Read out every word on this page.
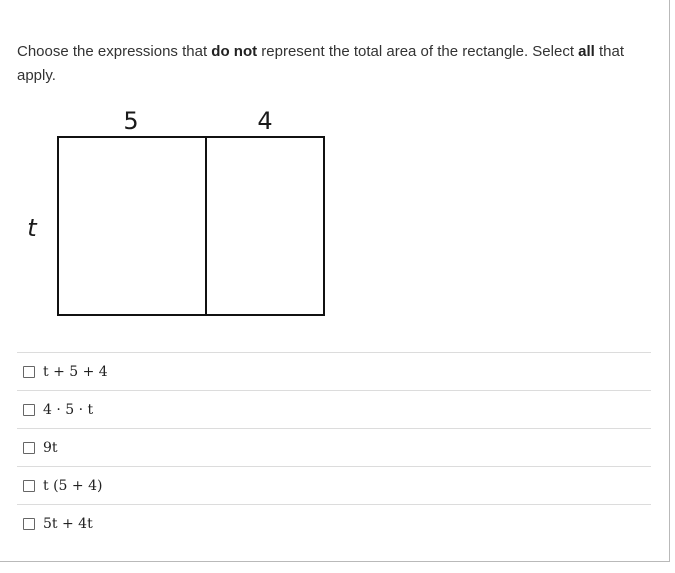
Choose the expressions that do not represent the total area of the rectangle. Select all that apply.
5	4
t
t + 5 + 4
4 · 5 · t
9t
t (5 + 4)
5t + 4t
